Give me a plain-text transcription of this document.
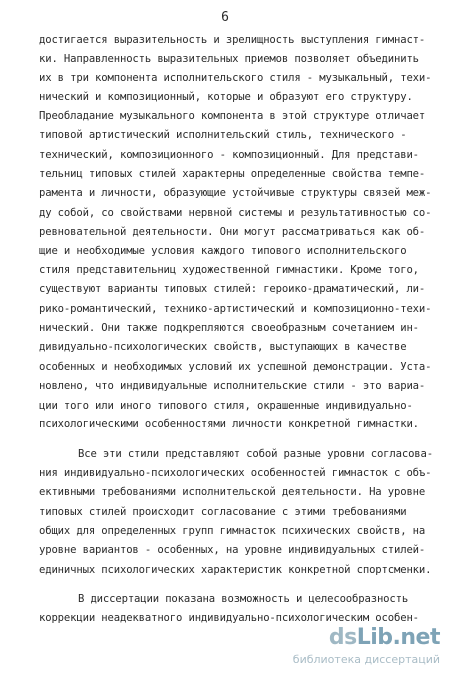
6
достигается выразительность и зрелищность выступления гимнаст-
ки. Направленность выразительных приемов позволяет объединить
их в три компонента исполнительского стиля - музыкальный, техи-
нический и композиционный, которые и образуют его структуру.
Преобладание музыкального компонента в этой структуре отличает
типовой артистический исполнительский стиль, технического -
технический, композиционного - композиционный. Для представи-
тельниц типовых стилей характерны определенные свойства темпе-
рамента и личности, образующие устойчивые структуры связей меж-
ду собой, со свойствами нервной системы и результативностью со-
ревновательной деятельности. Они могут рассматриваться как об-
щие и необходимые условия каждого типового исполнительского
стиля представительниц художественной гимнастики. Кроме того,
существуют варианты типовых стилей: героико-драматический, ли-
рико-романтический, технико-артистический и композиционно-техи-
нический. Они также подкрепляются своеобразным сочетанием ин-
дивидуально-психологических свойств, выступающих в качестве
особенных и необходимых условий их успешной демонстрации. Уста-
новлено, что индивидуальные исполнительские стили - это вариа-
ции того или иного типового стиля, окрашенные индивидуально-
психологическими особенностями личности конкретной гимнастки.
Все эти стили представляют собой разные уровни согласова-
ния индивидуально-психологических особенностей гимнасток с объ-
ективными требованиями исполнительской деятельности. На уровне
типовых стилей происходит согласование с этими требованиями
общих для определенных групп гимнасток психических свойств, на
уровне вариантов - особенных, на уровне индивидуальных стилей-
единичных психологических характеристик конкретной спортсменки.
В диссертации показана возможность и целесообразность
коррекции неадекватного индивидуально-психологическим особен-
dsLib.net
библиотека диссертаций
